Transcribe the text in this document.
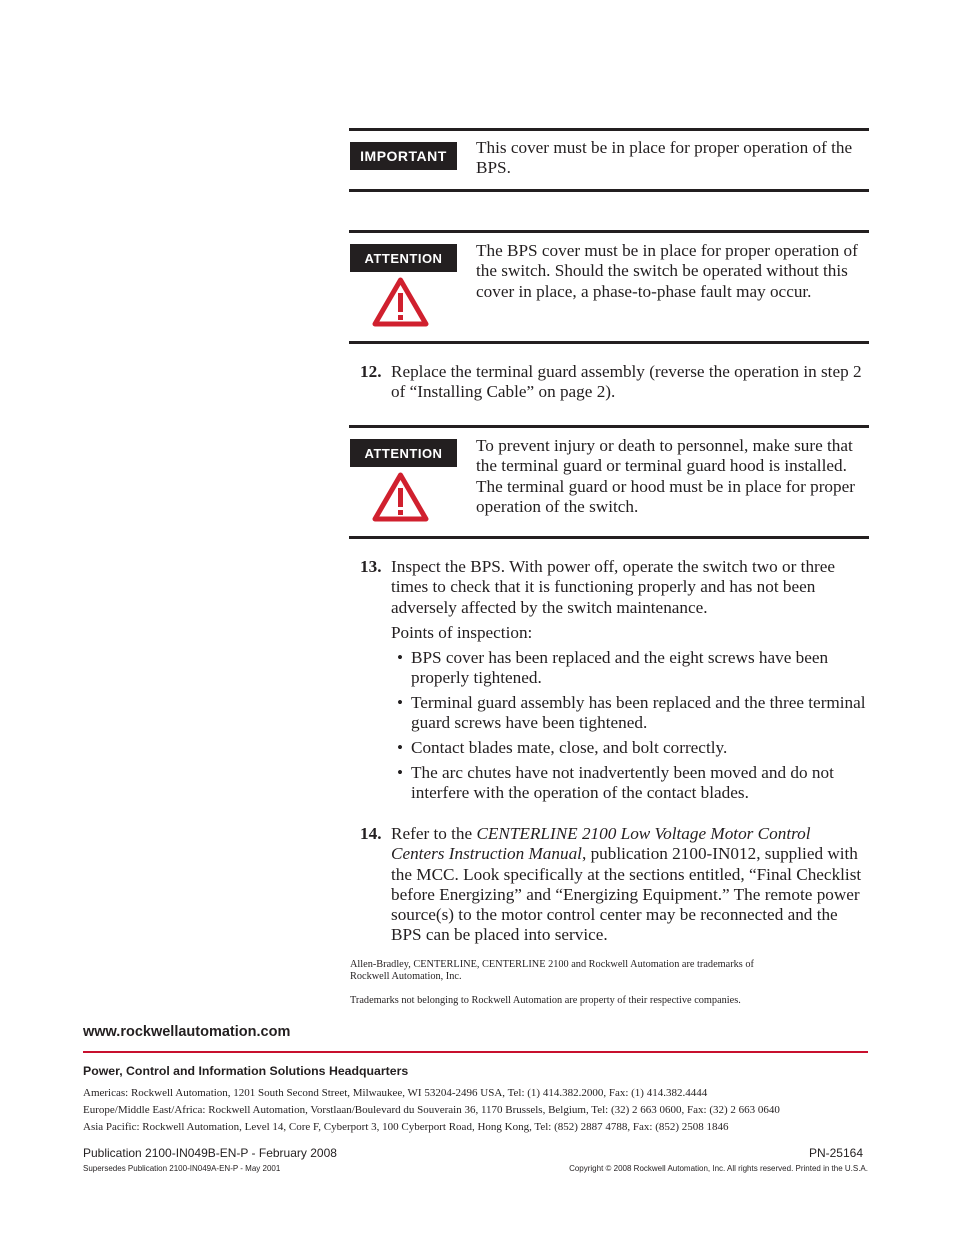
IMPORTANT	This cover must be in place for proper operation of the BPS.
ATTENTION	The BPS cover must be in place for proper operation of the switch. Should the switch be operated without this cover in place, a phase-to-phase fault may occur.
12. Replace the terminal guard assembly (reverse the operation in step 2 of “Installing Cable” on page 2).
ATTENTION	To prevent injury or death to personnel, make sure that the terminal guard or terminal guard hood is installed. The terminal guard or hood must be in place for proper operation of the switch.
13. Inspect the BPS. With power off, operate the switch two or three times to check that it is functioning properly and has not been adversely affected by the switch maintenance.
Points of inspection:
• BPS cover has been replaced and the eight screws have been properly tightened.
• Terminal guard assembly has been replaced and the three terminal guard screws have been tightened.
• Contact blades mate, close, and bolt correctly.
• The arc chutes have not inadvertently been moved and do not interfere with the operation of the contact blades.
14. Refer to the CENTERLINE 2100 Low Voltage Motor Control Centers Instruction Manual, publication 2100-IN012, supplied with the MCC. Look specifically at the sections entitled, “Final Checklist before Energizing” and “Energizing Equipment.” The remote power source(s) to the motor control center may be reconnected and the BPS can be placed into service.
Allen-Bradley, CENTERLINE, CENTERLINE 2100 and Rockwell Automation are trademarks of
Rockwell Automation, Inc.
Trademarks not belonging to Rockwell Automation are property of their respective companies.
www.rockwellautomation.com
Power, Control and Information Solutions Headquarters
Americas: Rockwell Automation, 1201 South Second Street, Milwaukee, WI 53204-2496 USA, Tel: (1) 414.382.2000, Fax: (1) 414.382.4444
Europe/Middle East/Africa: Rockwell Automation, Vorstlaan/Boulevard du Souverain 36, 1170 Brussels, Belgium, Tel: (32) 2 663 0600, Fax: (32) 2 663 0640
Asia Pacific: Rockwell Automation, Level 14, Core F, Cyberport 3, 100 Cyberport Road, Hong Kong, Tel: (852) 2887 4788, Fax: (852) 2508 1846
Publication 2100-IN049B-EN-P - February 2008	PN-25164
Supersedes Publication 2100-IN049A-EN-P - May 2001	Copyright © 2008 Rockwell Automation, Inc. All rights reserved. Printed in the U.S.A.
